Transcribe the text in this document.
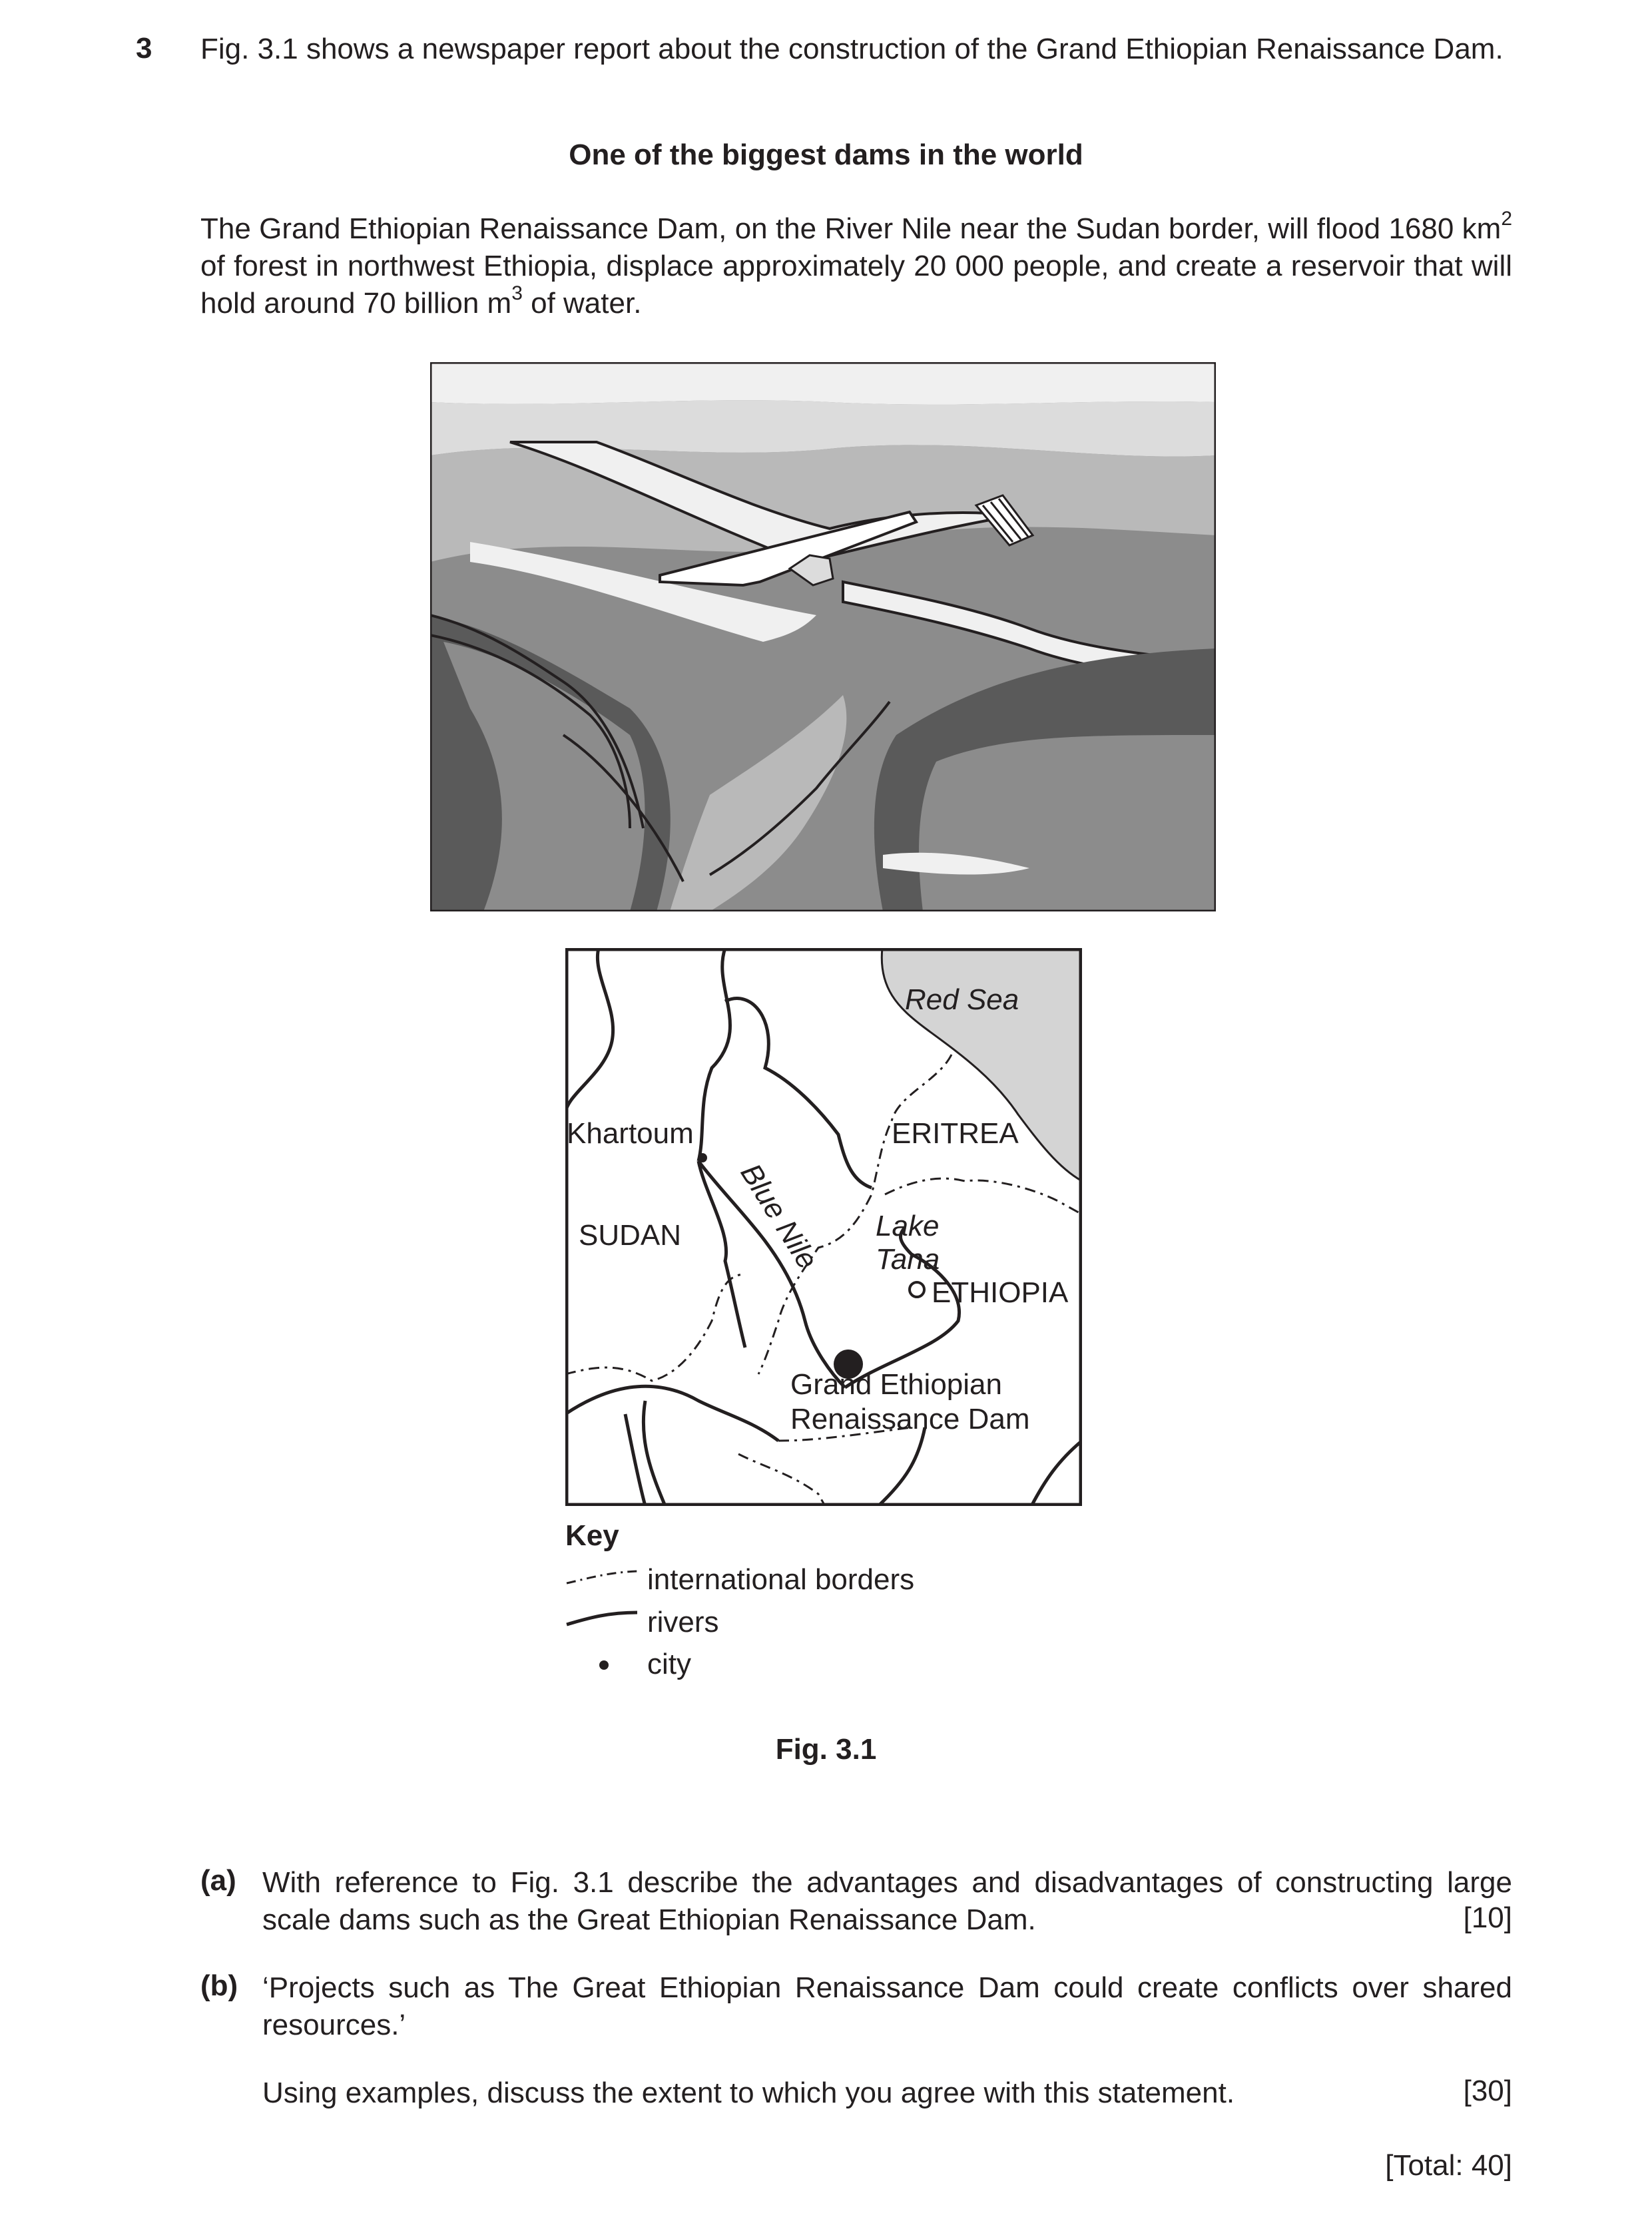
3 Fig. 3.1 shows a newspaper report about the construction of the Grand Ethiopian Renaissance Dam.
One of the biggest dams in the world
The Grand Ethiopian Renaissance Dam, on the River Nile near the Sudan border, will flood 1680 $km^2$ of forest in northwest Ethiopia, displace approximately 20 000 people, and create a reservoir that will hold around 70 billion $m^3$ of water.
Red Sea
Khartoum	ERITREA
Blue Nile
SUDAN	Lake
Tana
ETHIOPIA
Grand Ethiopian
Renaissance Dam
Key
international borders
rivers
city
Fig. 3.1
(a) With reference to Fig. 3.1 describe the advantages and disadvantages of constructing large scale dams such as the Great Ethiopian Renaissance Dam.	[10]
(b) ‘Projects such as The Great Ethiopian Renaissance Dam could create conflicts over shared resources.’
Using examples, discuss the extent to which you agree with this statement.	[30]
[Total: 40]
